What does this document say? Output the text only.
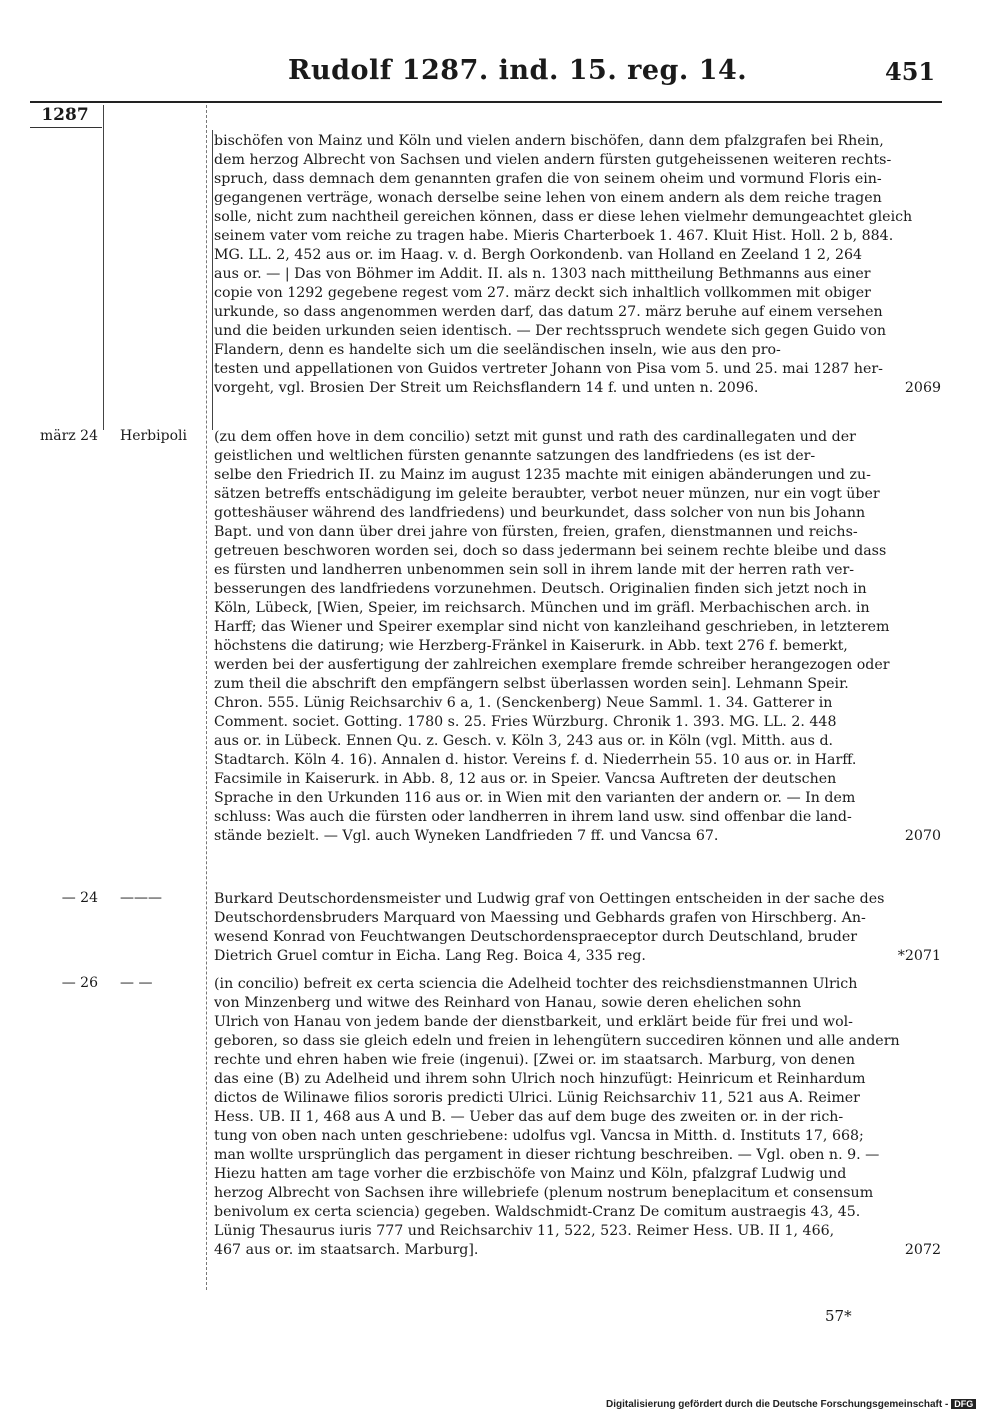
Rudolf 1287. ind. 15. reg. 14.	451
1287
bischöfen von Mainz und Köln und vielen andern bischöfen, dann dem pfalzgrafen bei Rhein,
dem herzog Albrecht von Sachsen und vielen andern fürsten gutgeheissenen weiteren rechts-
spruch, dass demnach dem genannten grafen die von seinem oheim und vormund Floris ein-
gegangenen verträge, wonach derselbe seine lehen von einem andern als dem reiche tragen
solle, nicht zum nachtheil gereichen können, dass er diese lehen vielmehr demungeachtet gleich
seinem vater vom reiche zu tragen habe. Mieris Charterboek 1. 467. Kluit Hist. Holl. 2 b, 884.
MG. LL. 2, 452 aus or. im Haag. v. d. Bergh Oorkondenb. van Holland en Zeeland 1 2, 264
aus or. — | Das von Böhmer im Addit. II. als n. 1303 nach mittheilung Bethmanns aus einer
copie von 1292 gegebene regest vom 27. märz deckt sich inhaltlich vollkommen mit obiger
urkunde, so dass angenommen werden darf, das datum 27. märz beruhe auf einem versehen
und die beiden urkunden seien identisch. — Der rechtsspruch wendete sich gegen Guido von
Flandern, denn es handelte sich um die seeländischen inseln, wie aus den pro-
testen und appellationen von Guidos vertreter Johann von Pisa vom 5. und 25. mai 1287 her-
vorgeht, vgl. Brosien Der Streit um Reichsflandern 14 f. und unten n. 2096.	2069
märz 24 Herbipoli	(zu dem offen hove in dem concilio) setzt mit gunst und rath des cardinallegaten und der
geistlichen und weltlichen fürsten genannte satzungen des landfriedens (es ist der-
selbe den Friedrich II. zu Mainz im august 1235 machte mit einigen abänderungen und zu-
sätzen betreffs entschädigung im geleite beraubter, verbot neuer münzen, nur ein vogt über
gotteshäuser während des landfriedens) und beurkundet, dass solcher von nun bis Johann
Bapt. und von dann über drei jahre von fürsten, freien, grafen, dienstmannen und reichs-
getreuen beschworen worden sei, doch so dass jedermann bei seinem rechte bleibe und dass
es fürsten und landherren unbenommen sein soll in ihrem lande mit der herren rath ver-
besserungen des landfriedens vorzunehmen. Deutsch. Originalien finden sich jetzt noch in
Köln, Lübeck, [Wien, Speier, im reichsarch. München und im gräfl. Merbachischen arch. in
Harff; das Wiener und Speirer exemplar sind nicht von kanzleihand geschrieben, in letzterem
höchstens die datirung; wie Herzberg-Fränkel in Kaiserurk. in Abb. text 276 f. bemerkt,
werden bei der ausfertigung der zahlreichen exemplare fremde schreiber herangezogen oder
zum theil die abschrift den empfängern selbst überlassen worden sein]. Lehmann Speir.
Chron. 555. Lünig Reichsarchiv 6 a, 1. (Senckenberg) Neue Samml. 1. 34. Gatterer in
Comment. societ. Gotting. 1780 s. 25. Fries Würzburg. Chronik 1. 393. MG. LL. 2. 448
aus or. in Lübeck. Ennen Qu. z. Gesch. v. Köln 3, 243 aus or. in Köln (vgl. Mitth. aus d.
Stadtarch. Köln 4. 16). Annalen d. histor. Vereins f. d. Niederrhein 55. 10 aus or. in Harff.
Facsimile in Kaiserurk. in Abb. 8, 12 aus or. in Speier. Vancsa Auftreten der deutschen
Sprache in den Urkunden 116 aus or. in Wien mit den varianten der andern or. — In dem
schluss: Was auch die fürsten oder landherren in ihrem land usw. sind offenbar die land-
stände bezielt. — Vgl. auch Wyneken Landfrieden 7 ff. und Vancsa 67.	2070
— 24 ———	Burkard Deutschordensmeister und Ludwig graf von Oettingen entscheiden in der sache des
Deutschordensbruders Marquard von Maessing und Gebhards grafen von Hirschberg. An-
wesend Konrad von Feuchtwangen Deutschordenspraeceptor durch Deutschland, bruder
Dietrich Gruel comtur in Eicha. Lang Reg. Boica 4, 335 reg.	*2071
— 26 — —	(in concilio) befreit ex certa sciencia die Adelheid tochter des reichsdienstmannen Ulrich
von Minzenberg und witwe des Reinhard von Hanau, sowie deren ehelichen sohn
Ulrich von Hanau von jedem bande der dienstbarkeit, und erklärt beide für frei und wol-
geboren, so dass sie gleich edeln und freien in lehengütern succediren können und alle andern
rechte und ehren haben wie freie (ingenui). [Zwei or. im staatsarch. Marburg, von denen
das eine (B) zu Adelheid und ihrem sohn Ulrich noch hinzufügt: Heinricum et Reinhardum
dictos de Wilinawe filios sororis predicti Ulrici. Lünig Reichsarchiv 11, 521 aus A. Reimer
Hess. UB. II 1, 468 aus A und B. — Ueber das auf dem buge des zweiten or. in der rich-
tung von oben nach unten geschriebene: udolfus vgl. Vancsa in Mitth. d. Instituts 17, 668;
man wollte ursprünglich das pergament in dieser richtung beschreiben. — Vgl. oben n. 9. —
Hiezu hatten am tage vorher die erzbischöfe von Mainz und Köln, pfalzgraf Ludwig und
herzog Albrecht von Sachsen ihre willebriefe (plenum nostrum beneplacitum et consensum
benivolum ex certa sciencia) gegeben. Waldschmidt-Cranz De comitum austraegis 43, 45.
Lünig Thesaurus iuris 777 und Reichsarchiv 11, 522, 523. Reimer Hess. UB. II 1, 466,
467 aus or. im staatsarch. Marburg].	2072
57*
Digitalisierung gefördert durch die Deutsche Forschungsgemeinschaft - DFG
